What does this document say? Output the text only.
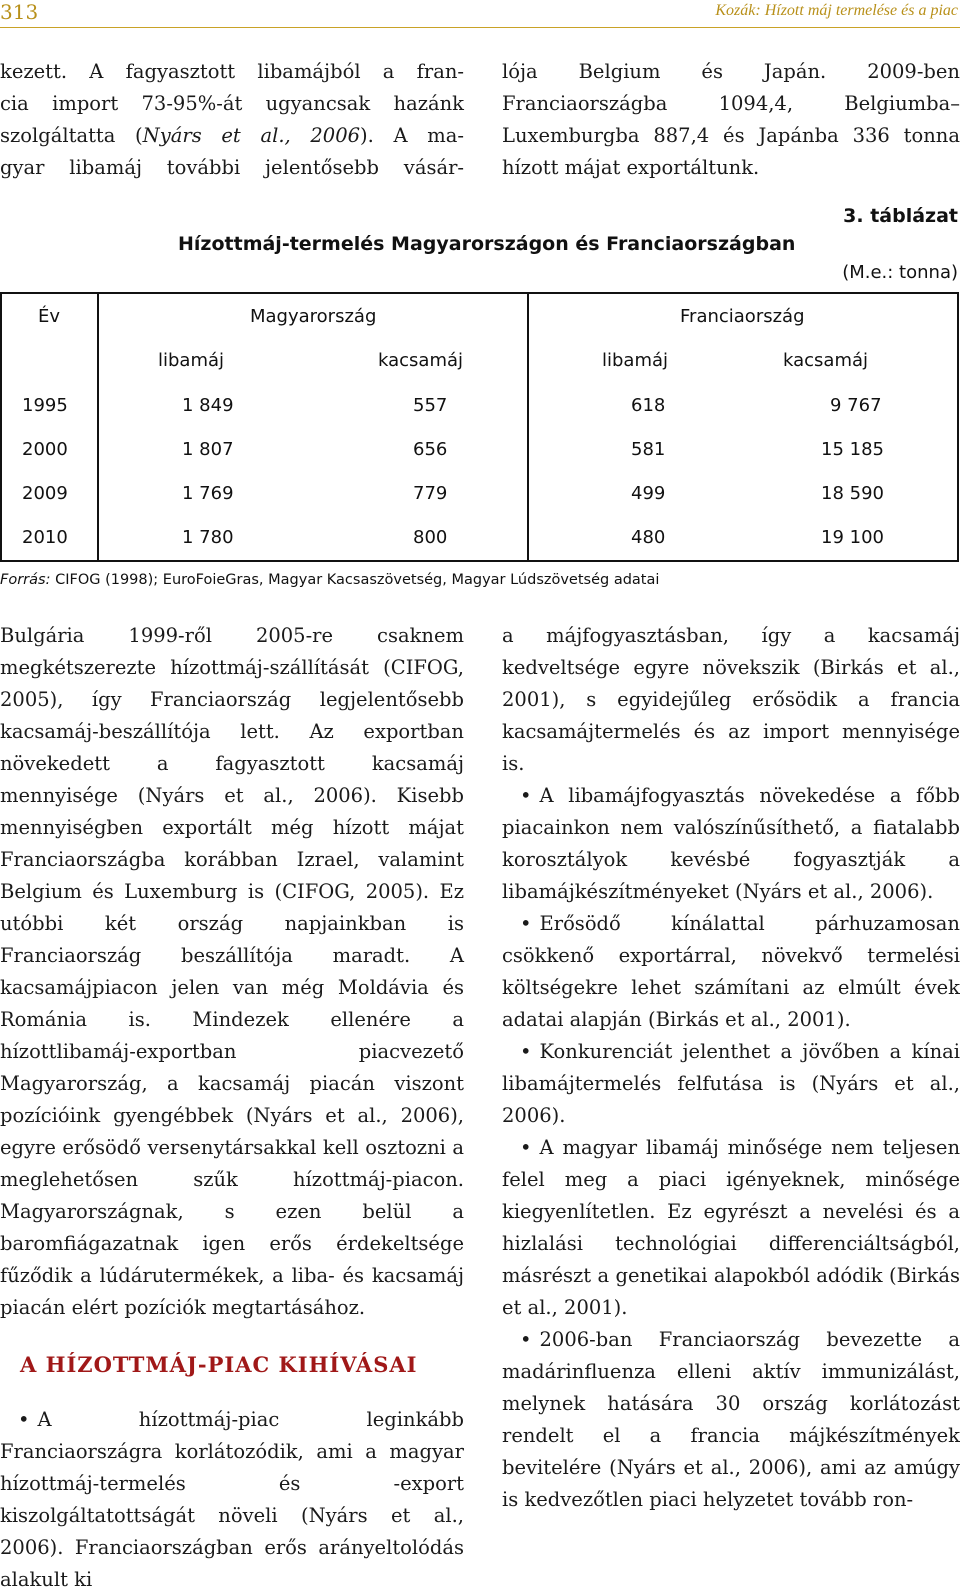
313	Kozák: Hízott máj termelése és a piac
kezett. A fagyasztott libamájból a fran-
cia import 73-95%-át ugyancsak hazánk
szolgáltatta (Nyárs et al., 2006). A ma-
gyar libamáj további jelentősebb vásár-

lója Belgium és Japán. 2009-ben Franciaországba 1094,4, Belgiumba–Luxemburgba 887,4 és Japánba 336 tonna hízott májat exportáltunk.

3. táblázat
Hízottmáj-termelés Magyarországon és Franciaországban
(M.e.: tonna)
Év	Magyarország	Franciaország
libamáj	kacsamáj	libamáj	kacsamáj
1995	1 849	557	618	9 767
2000	1 807	656	581	15 185
2009	1 769	779	499	18 590
2010	1 780	800	480	19 100
Forrás: CIFOG (1998); EuroFoieGras, Magyar Kacsaszövetség, Magyar Lúdszövetség adatai

Bulgária 1999-ről 2005-re csaknem megkétszerezte hízottmáj-szállítását (CIFOG, 2005), így Franciaország legjelentősebb kacsamáj-beszállítója lett. Az exportban növekedett a fagyasztott kacsamáj mennyisége (Nyárs et al., 2006). Kisebb mennyiségben exportált még hízott májat Franciaországba korábban Izrael, valamint Belgium és Luxemburg is (CIFOG, 2005). Ez utóbbi két ország napjainkban is Franciaország beszállítója maradt. A kacsamájpiacon jelen van még Moldávia és Románia is. Mindezek ellenére a hízottlibamáj-exportban piacvezető Magyarország, a kacsamáj piacán viszont pozícióink gyengébbek (Nyárs et al., 2006), egyre erősödő versenytársakkal kell osztozni a meglehetősen szűk hízottmáj-piacon. Magyarországnak, s ezen belül a baromfiágazatnak igen erős érdekeltsége fűződik a lúdárutermékek, a liba- és kacsamáj piacán elért pozíciók megtartásához.

A HÍZOTTMÁJ-PIAC KIHÍVÁSAI

• A hízottmáj-piac leginkább Franciaországra korlátozódik, ami a magyar hízottmáj-termelés és -export kiszolgáltatottságát növeli (Nyárs et al., 2006). Franciaországban erős arányeltolódás alakult ki

a májfogyasztásban, így a kacsamáj kedveltsége egyre növekszik (Birkás et al., 2001), s egyidejűleg erősödik a francia kacsamájtermelés és az import mennyisége is.

• A libamájfogyasztás növekedése a főbb piacainkon nem valószínűsíthető, a fiatalabb korosztályok kevésbé fogyasztják a libamájkészítményeket (Nyárs et al., 2006).

• Erősödő kínálattal párhuzamosan csökkenő exportárral, növekvő termelési költségekre lehet számítani az elmúlt évek adatai alapján (Birkás et al., 2001).

• Konkurenciát jelenthet a jövőben a kínai libamájtermelés felfutása is (Nyárs et al., 2006).

• A magyar libamáj minősége nem teljesen felel meg a piaci igényeknek, minősége kiegyenlítetlen. Ez egyrészt a nevelési és a hizlalási technológiai differenciáltságból, másrészt a genetikai alapokból adódik (Birkás et al., 2001).

• 2006-ban Franciaország bevezette a madárinfluenza elleni aktív immunizálást, melynek hatására 30 ország korlátozást rendelt el a francia májkészítmények bevitelére (Nyárs et al., 2006), ami az amúgy is kedvezőtlen piaci helyzetet tovább ron-
